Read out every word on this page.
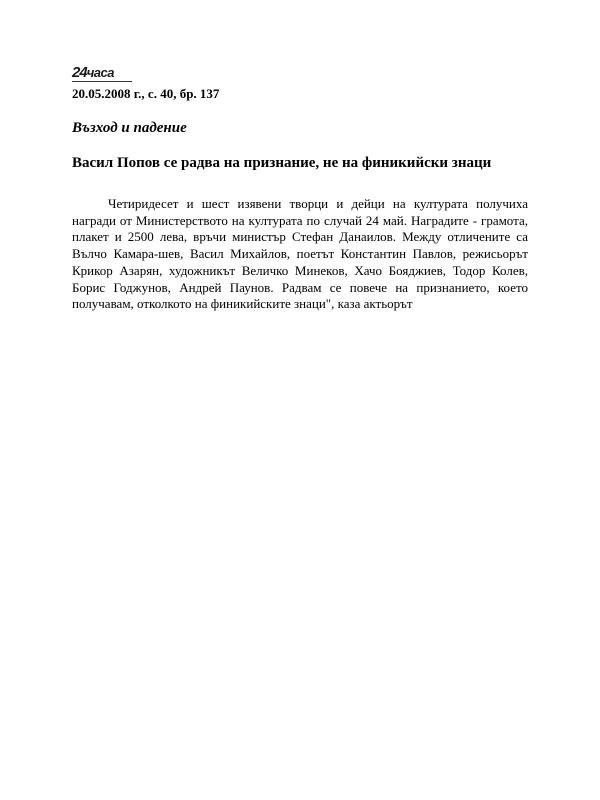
24часа
20.05.2008 г., с. 40, бр. 137
Възход и падение
Васил Попов се радва на признание, не на финикийски знаци
Четиридесет и шест изявени творци и дейци на културата получиха награди от Министерството на културата по случай 24 май. Наградите - грамота, плакет и 2500 лева, връчи министър Стефан Данаилов. Между отличените са Вълчо Камара-шев, Васил Михайлов, поетът Константин Павлов, режисьорът Крикор Азарян, художникът Величко Минеков, Хачо Бояджиев, Тодор Колев, Борис Годжунов, Андрей Паунов. Радвам се повече на признанието, което получавам, отколкото на финикийските знаци", каза актьорът
